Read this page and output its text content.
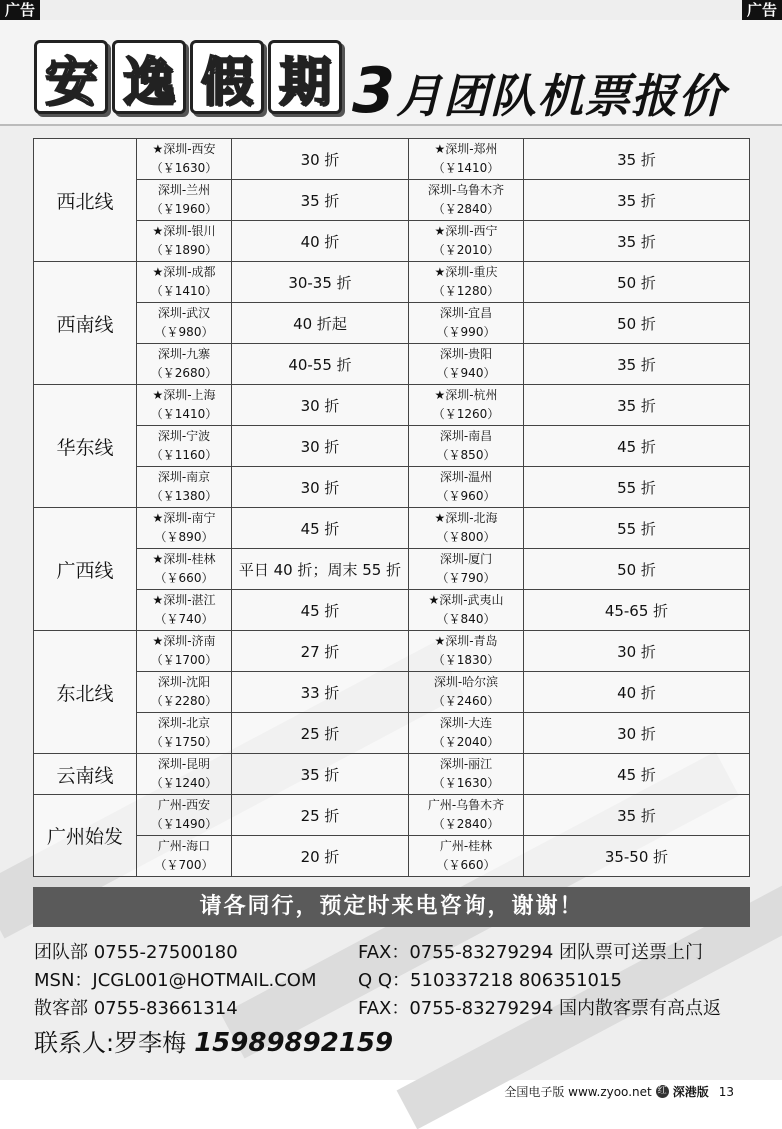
广告	广告
安 逸 假 期 3月团队机票报价
西北线	★深圳-西安
（￥1630）	30 折	★深圳-郑州
（￥1410）	35 折

	深圳-兰州
（￥1960）	35 折	深圳-乌鲁木齐
（￥2840）	35 折

	★深圳-银川
（￥1890）	40 折	★深圳-西宁
（￥2010）	35 折
西南线	★深圳-成都
（￥1410）	30-35 折	★深圳-重庆
（￥1280）	50 折

	深圳-武汉
（￥980）	40 折起	深圳-宜昌
（￥990）	50 折

	深圳-九寨
（￥2680）	40-55 折	深圳-贵阳
（￥940）	35 折
华东线	★深圳-上海
（￥1410）	30 折	★深圳-杭州
（￥1260）	35 折

	深圳-宁波
（￥1160）	30 折	深圳-南昌
（￥850）	45 折

	深圳-南京
（￥1380）	30 折	深圳-温州
（￥960）	55 折
广西线	★深圳-南宁
（￥890）	45 折	★深圳-北海
（￥800）	55 折

	★深圳-桂林
（￥660）	平日 40 折；周末 55 折	深圳-厦门
（￥790）	50 折

	★深圳-湛江
（￥740）	45 折	★深圳-武夷山
（￥840）	45-65 折
东北线	★深圳-济南
（￥1700）	27 折	★深圳-青岛
（￥1830）	30 折

	深圳-沈阳
（￥2280）	33 折	深圳-哈尔滨
（￥2460）	40 折

	深圳-北京
（￥1750）	25 折	深圳-大连
（￥2040）	30 折
云南线	深圳-昆明
（￥1240）	35 折	深圳-丽江
（￥1630）	45 折
广州始发	广州-西安
（￥1490）	25 折	广州-乌鲁木齐
（￥2840）	35 折

	广州-海口
（￥700）	20 折	广州-桂林
（￥660）	35-50 折
请各同行，预定时来电咨询，谢谢！
团队部 0755-27500180	FAX：0755-83279294 团队票可送票上门
MSN：JCGL001@HOTMAIL.COM Q Q：510337218 806351015
散客部 0755-83661314	FAX：0755-83279294 国内散客票有高点返
联系人:罗李梅 15989892159
全国电子版 www.zyoo.net 红 深港版 13
